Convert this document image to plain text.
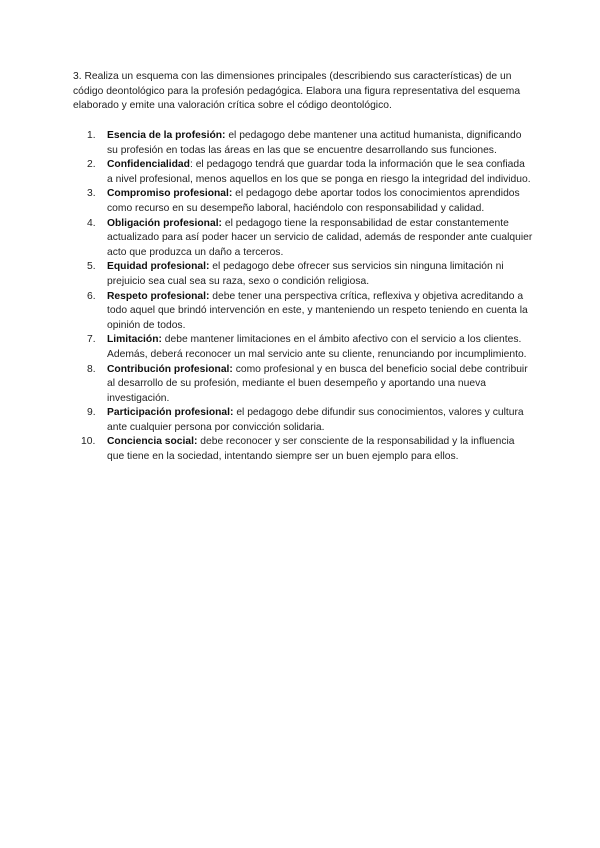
3. Realiza un esquema con las dimensiones principales (describiendo sus características) de un código deontológico para la profesión pedagógica. Elabora una figura representativa del esquema elaborado y emite una valoración crítica sobre el código deontológico.

1.	Esencia de la profesión: el pedagogo debe mantener una actitud humanista, dignificando su profesión en todas las áreas en las que se encuentre desarrollando sus funciones.
2.	Confidencialidad: el pedagogo tendrá que guardar toda la información que le sea confiada a nivel profesional, menos aquellos en los que se ponga en riesgo la integridad del individuo.
3.	Compromiso profesional: el pedagogo debe aportar todos los conocimientos aprendidos como recurso en su desempeño laboral, haciéndolo con responsabilidad y calidad.
4.	Obligación profesional: el pedagogo tiene la responsabilidad de estar constantemente actualizado para así poder hacer un servicio de calidad, además de responder ante cualquier acto que produzca un daño a terceros.
5.	Equidad profesional: el pedagogo debe ofrecer sus servicios sin ninguna limitación ni prejuicio sea cual sea su raza, sexo o condición religiosa.
6.	Respeto profesional: debe tener una perspectiva crítica, reflexiva y objetiva acreditando a todo aquel que brindó intervención en este, y manteniendo un respeto teniendo en cuenta la opinión de todos.
7.	Limitación: debe mantener limitaciones en el ámbito afectivo con el servicio a los clientes. Además, deberá reconocer un mal servicio ante su cliente, renunciando por incumplimiento.
8.	Contribución profesional: como profesional y en busca del beneficio social debe contribuir al desarrollo de su profesión, mediante el buen desempeño y aportando una nueva investigación.
9.	Participación profesional: el pedagogo debe difundir sus conocimientos, valores y cultura ante cualquier persona por convicción solidaria.
10.	Conciencia social: debe reconocer y ser consciente de la responsabilidad y la influencia que tiene en la sociedad, intentando siempre ser un buen ejemplo para ellos.
